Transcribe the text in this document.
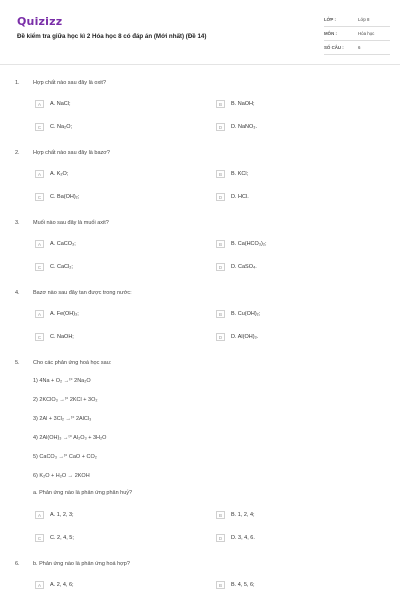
Quizizz
Đề kiểm tra giữa học kì 2 Hóa học 8 có đáp án (Mới nhất) (Đề 14)
LỚP :	Lớp 8
MÔN :	Hóa học
SỐ CÂU :	6
1. Hợp chất nào sau đây là oxit?
A	A. NaCl;	B	B. NaOH;
C	C. Na₂O;	D	D. NaNO₃.
2. Hợp chất nào sau đây là bazơ?
A	A. K₂O;	B	B. KCl;
C	C. Ba(OH)₂;	D	D. HCl.
3. Muối nào sau đây là muối axit?
A	A. CaCO₃;	B	B. Ca(HCO₃)₂;
C	C. CaCl₂;	D	D. CaSO₄.
4. Bazơ nào sau đây tan được trong nước:
A	A. Fe(OH)₃;	B	B. Cu(OH)₂;
C	C. NaOH;	D	D. Al(OH)₃.
5. Cho các phản ứng hoá học sau:
1) 4Na + O₂ →ᵗ° 2Na₂O
2) 2KClO₃ →ᵗ° 2KCl + 3O₂
3) 2Al + 3Cl₂ →ᵗ° 2AlCl₃
4) 2Al(OH)₃ →ᵗ° Al₂O₃ + 3H₂O
5) CaCO₃ →ᵗ° CaO + CO₂
6) K₂O + H₂O → 2KOH
a. Phản ứng nào là phản ứng phân huỷ?
A	A. 1, 2, 3;	B	B. 1, 2, 4;
C	C. 2, 4, 5;	D	D. 3, 4, 6.
6. b. Phản ứng nào là phản ứng hoá hợp?
A	A. 2, 4, 6;	B	B. 4, 5, 6;
